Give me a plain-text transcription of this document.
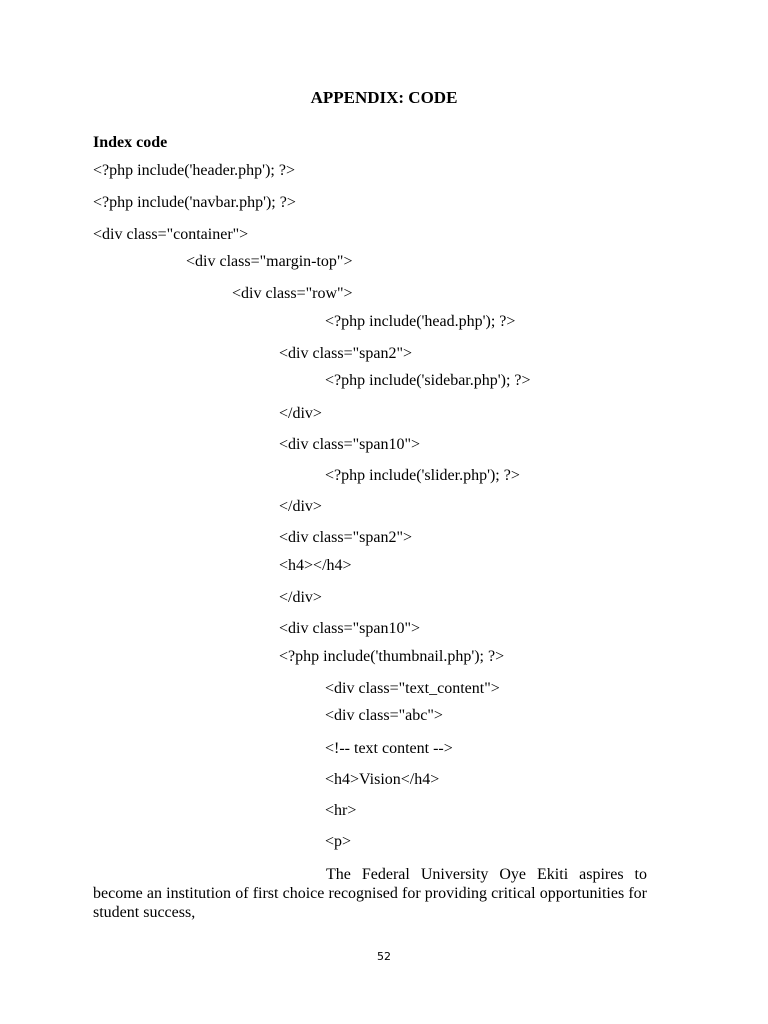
APPENDIX: CODE
Index code
<?php include('header.php'); ?>
<?php include('navbar.php'); ?>
<div class="container">
<div class="margin-top">
<div class="row">
<?php include('head.php'); ?>
<div class="span2">
<?php include('sidebar.php'); ?>
</div>
<div class="span10">
<?php include('slider.php'); ?>
</div>
<div class="span2">
<h4></h4>
</div>
<div class="span10">
<?php include('thumbnail.php'); ?>
<div class="text_content">
<div class="abc">
<!-- text content -->
<h4>Vision</h4>
<hr>
<p>
The Federal University Oye Ekiti aspires to become an institution of first choice recognised for providing critical opportunities for student success,
52
